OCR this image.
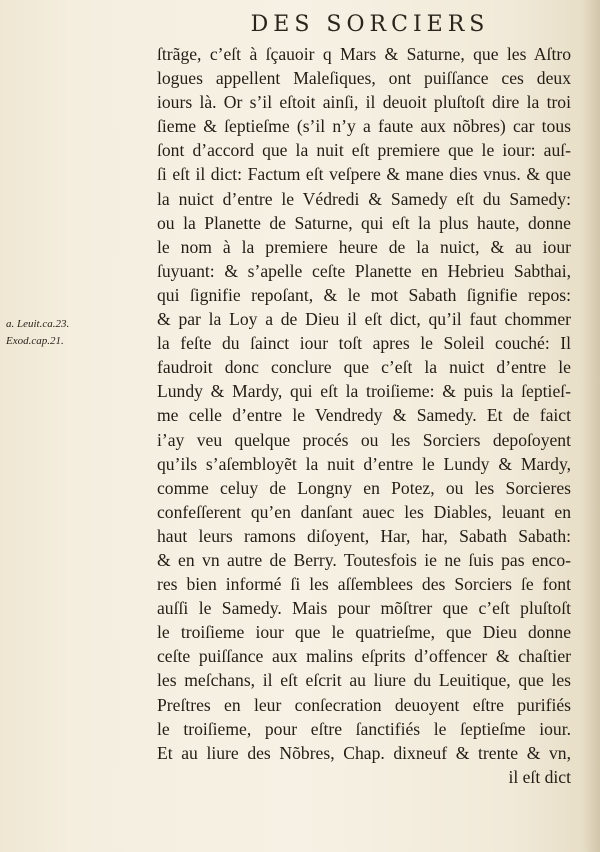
DES SORCIERS
a. Leuit.ca.23.
Exod.cap.21.
ſtrãge, c’eſt à ſçauoir q Mars & Saturne, que les Aſtro
logues appellent Maleſiques, ont puiſſance ces deux
iours là. Or s’il eſtoit ainſi, il deuoit pluſtoſt dire la troi
ſieme & ſeptieſme (s’il n’y a faute aux nõbres) car tous
ſont d’accord que la nuit eſt premiere que le iour: auſ-
ſi eſt il dict: Factum eſt veſpere & mane dies vnus. & que
la nuict d’entre le Védredi & Samedy eſt du Samedy:
ou la Planette de Saturne, qui eſt la plus haute, donne
le nom à la premiere heure de la nuict, & au iour
ſuyuant: & s’apelle ceſte Planette en Hebrieu Sabthai,
qui ſignifie repoſant, & le mot Sabath ſignifie repos:
& par la Loy a de Dieu il eſt dict, qu’il faut chommer
la feſte du ſainct iour toſt apres le Soleil couché: Il
faudroit donc conclure que c’eſt la nuict d’entre le
Lundy & Mardy, qui eſt la troiſieme: & puis la ſeptieſ-
me celle d’entre le Vendredy & Samedy. Et de faict
i’ay veu quelque procés ou les Sorciers depoſoyent
qu’ils s’aſembloyẽt la nuit d’entre le Lundy & Mardy,
comme celuy de Longny en Potez, ou les Sorcieres
confeſſerent qu’en danſant auec les Diables, leuant en
haut leurs ramons diſoyent, Har, har, Sabath Sabath:
& en vn autre de Berry. Toutesfois ie ne ſuis pas enco-
res bien informé ſi les aſſemblees des Sorciers ſe font
auſſi le Samedy. Mais pour mõſtrer que c’eſt pluſtoſt
le troiſieme iour que le quatrieſme, que Dieu donne
ceſte puiſſance aux malins eſprits d’offencer & chaſtier
les meſchans, il eſt eſcrit au liure du Leuitique, que les
Preſtres en leur conſecration deuoyent eſtre purifiés
le troiſieme, pour eſtre ſanctifiés le ſeptieſme iour.
Et au liure des Nõbres, Chap. dixneuf & trente & vn,
il eſt dict
